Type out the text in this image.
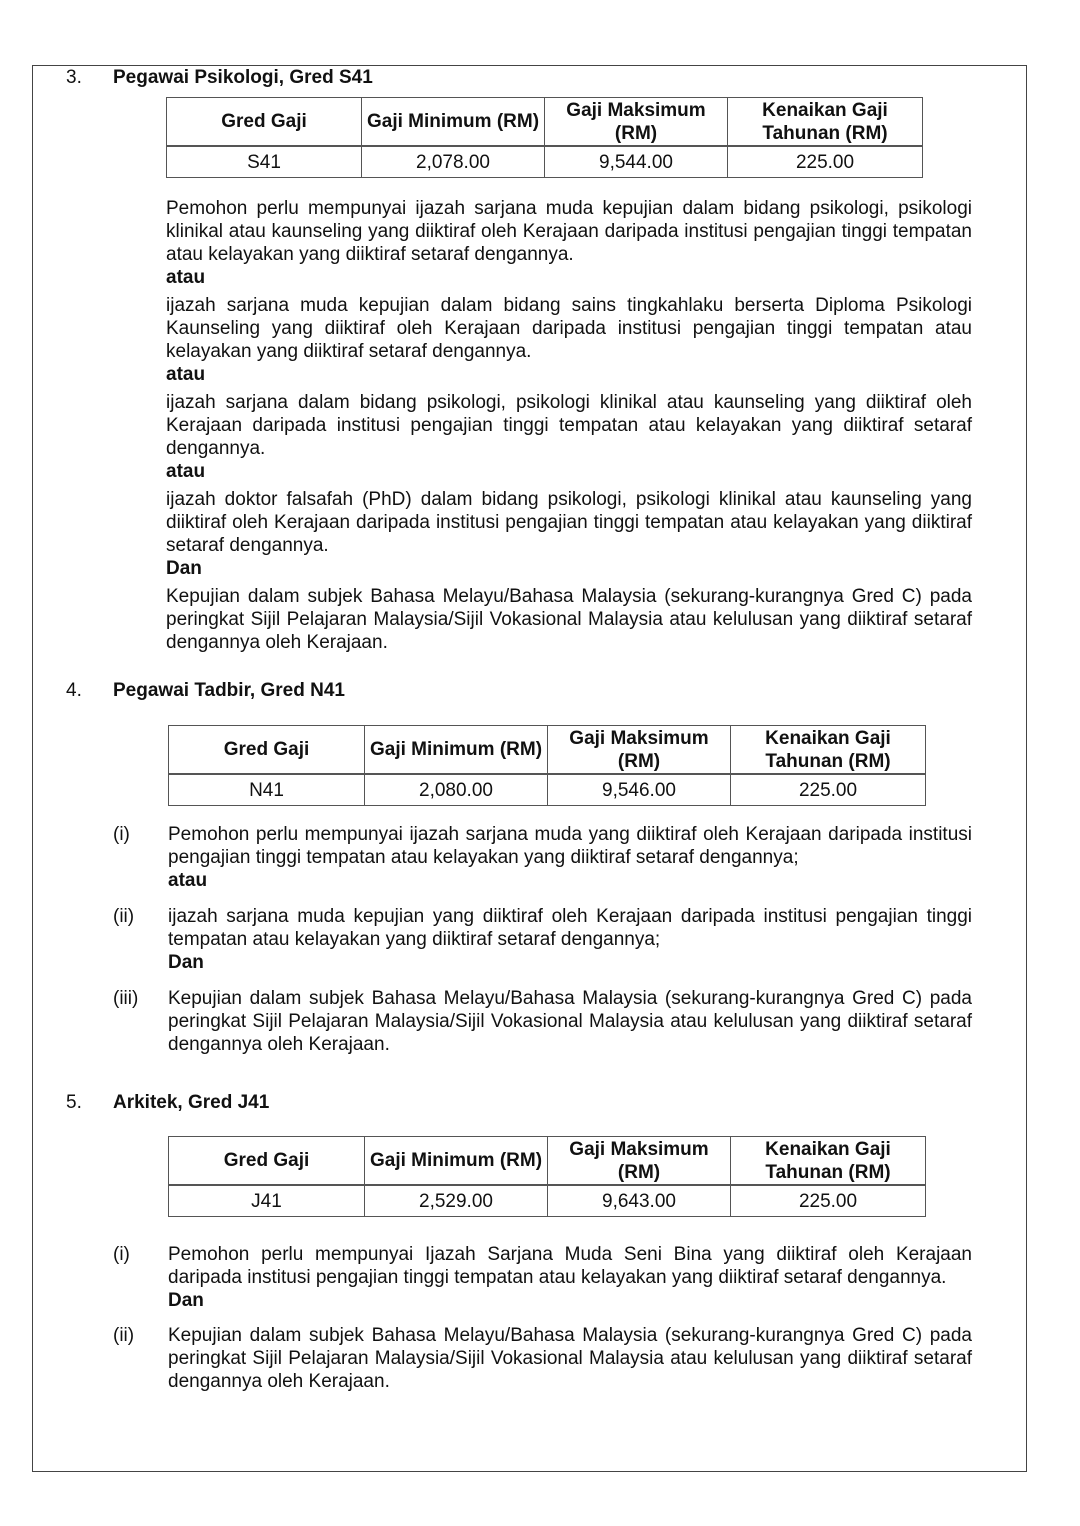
3. Pegawai Psikologi, Gred S41
Gred Gaji	Gaji Minimum (RM)	Gaji Maksimum (RM)	Kenaikan Gaji Tahunan (RM)
S41	2,078.00	9,544.00	225.00

Pemohon perlu mempunyai ijazah sarjana muda kepujian dalam bidang psikologi, psikologi klinikal atau kaunseling yang diiktiraf oleh Kerajaan daripada institusi pengajian tinggi tempatan atau kelayakan yang diiktiraf setaraf dengannya.

atau

ijazah sarjana muda kepujian dalam bidang sains tingkahlaku berserta Diploma Psikologi Kaunseling yang diiktiraf oleh Kerajaan daripada institusi pengajian tinggi tempatan atau kelayakan yang diiktiraf setaraf dengannya.

atau

ijazah sarjana dalam bidang psikologi, psikologi klinikal atau kaunseling yang diiktiraf oleh Kerajaan daripada institusi pengajian tinggi tempatan atau kelayakan yang diiktiraf setaraf dengannya.

atau

ijazah doktor falsafah (PhD) dalam bidang psikologi, psikologi klinikal atau kaunseling yang diiktiraf oleh Kerajaan daripada institusi pengajian tinggi tempatan atau kelayakan yang diiktiraf setaraf dengannya.

Dan

Kepujian dalam subjek Bahasa Melayu/Bahasa Malaysia (sekurang-kurangnya Gred C) pada peringkat Sijil Pelajaran Malaysia/Sijil Vokasional Malaysia atau kelulusan yang diiktiraf setaraf dengannya oleh Kerajaan.

4. Pegawai Tadbir, Gred N41
Gred Gaji	Gaji Minimum (RM)	Gaji Maksimum (RM)	Kenaikan Gaji Tahunan (RM)
N41	2,080.00	9,546.00	225.00
(i) Pemohon perlu mempunyai ijazah sarjana muda yang diiktiraf oleh Kerajaan daripada institusi pengajian tinggi tempatan atau kelayakan yang diiktiraf setaraf dengannya;
atau
(ii) ijazah sarjana muda kepujian yang diiktiraf oleh Kerajaan daripada institusi pengajian tinggi tempatan atau kelayakan yang diiktiraf setaraf dengannya;
Dan
(iii) Kepujian dalam subjek Bahasa Melayu/Bahasa Malaysia (sekurang-kurangnya Gred C) pada peringkat Sijil Pelajaran Malaysia/Sijil Vokasional Malaysia atau kelulusan yang diiktiraf setaraf dengannya oleh Kerajaan.
5. Arkitek, Gred J41
Gred Gaji	Gaji Minimum (RM)	Gaji Maksimum (RM)	Kenaikan Gaji Tahunan (RM)
J41	2,529.00	9,643.00	225.00
(i) Pemohon perlu mempunyai Ijazah Sarjana Muda Seni Bina yang diiktiraf oleh Kerajaan daripada institusi pengajian tinggi tempatan atau kelayakan yang diiktiraf setaraf dengannya.
Dan
(ii) Kepujian dalam subjek Bahasa Melayu/Bahasa Malaysia (sekurang-kurangnya Gred C) pada peringkat Sijil Pelajaran Malaysia/Sijil Vokasional Malaysia atau kelulusan yang diiktiraf setaraf dengannya oleh Kerajaan.
